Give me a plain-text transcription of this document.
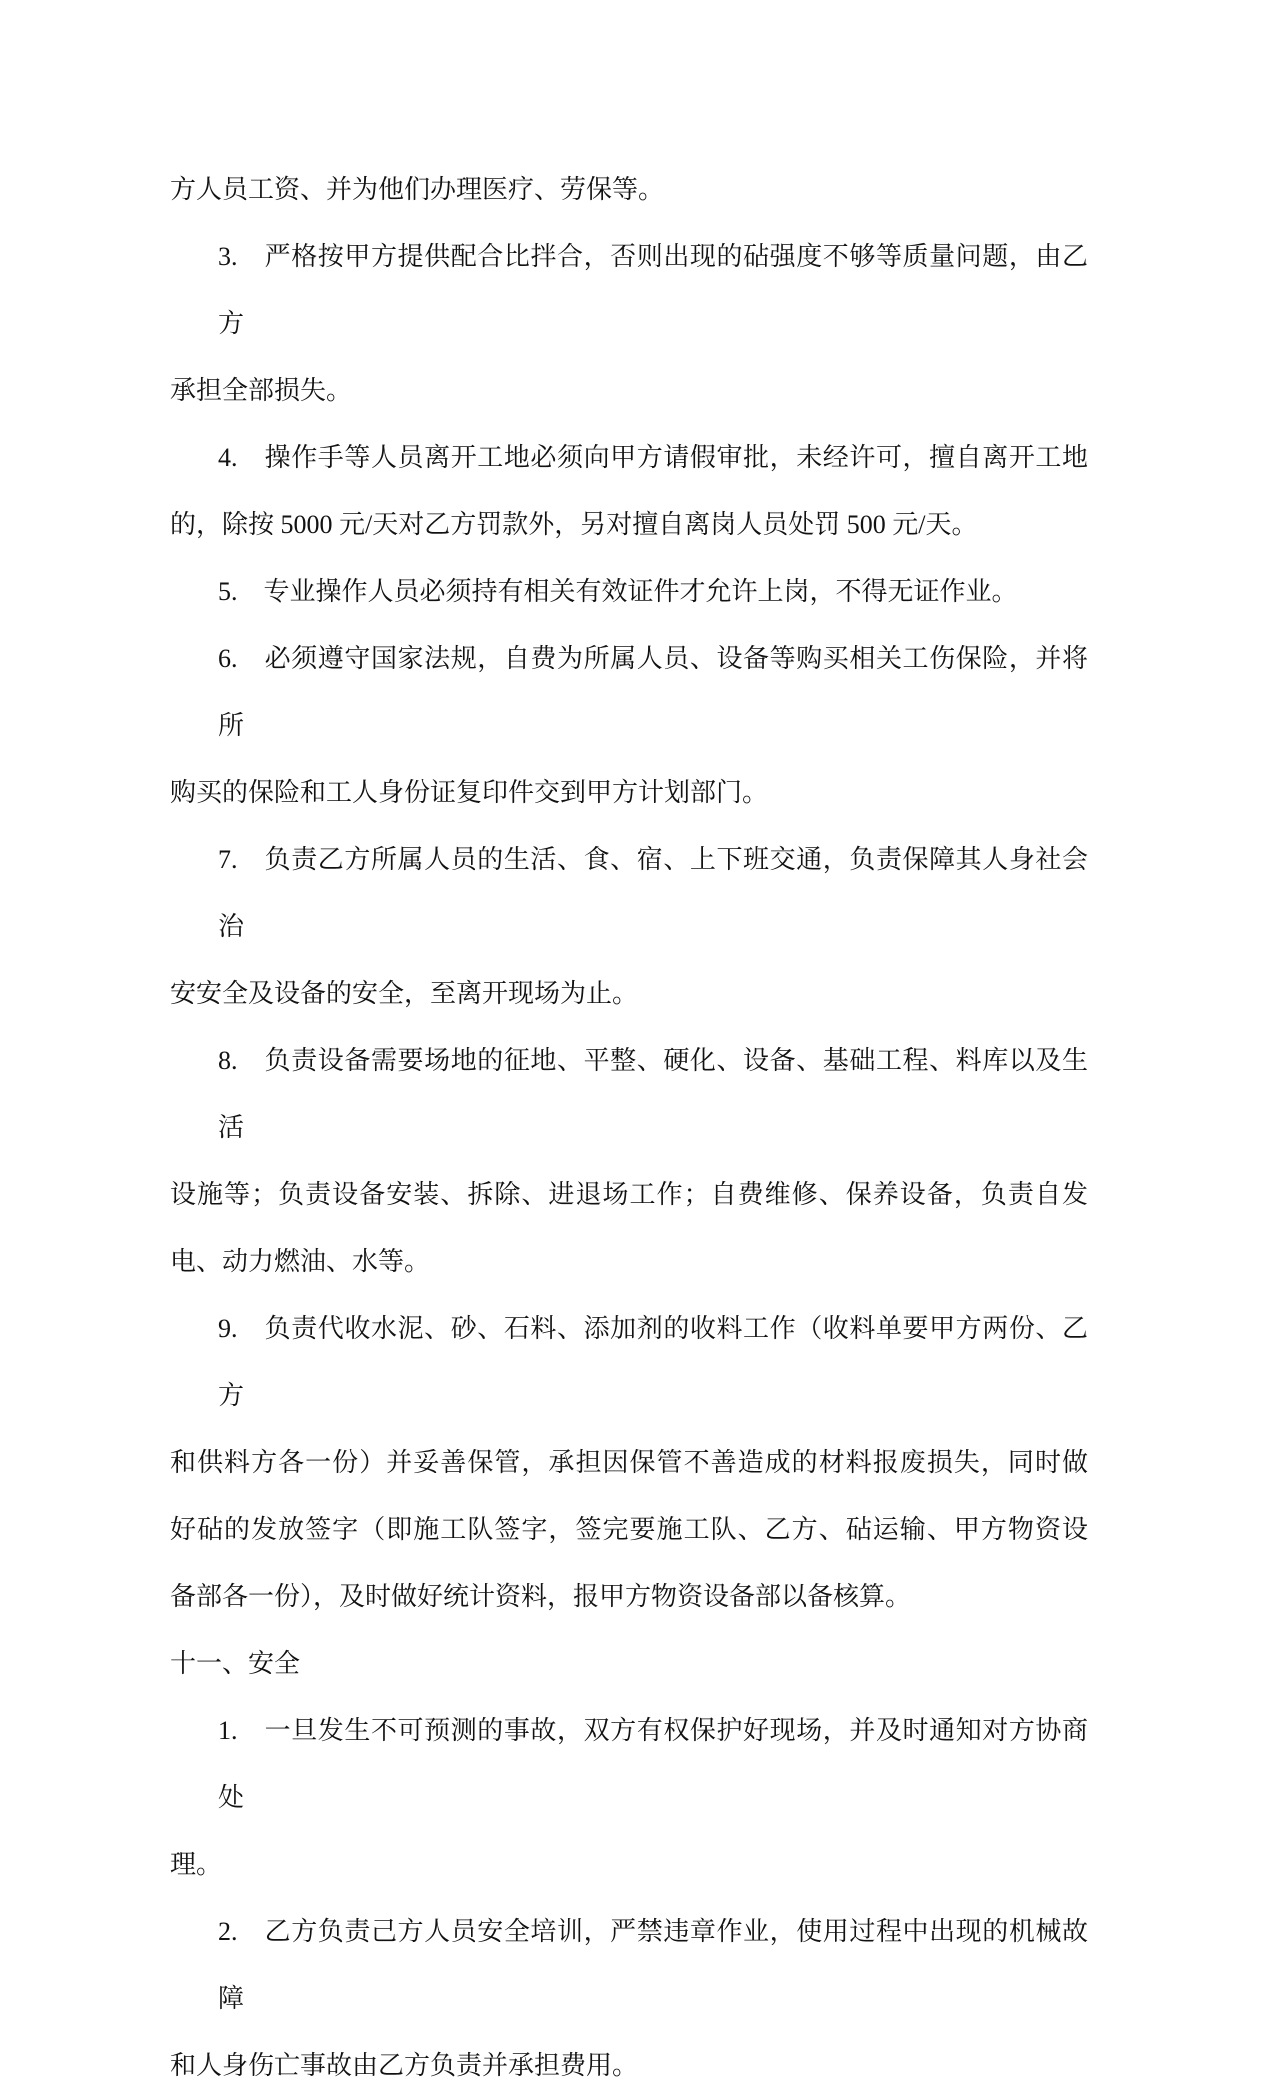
方人员工资、并为他们办理医疗、劳保等。
3.　严格按甲方提供配合比拌合，否则出现的砧强度不够等质量问题，由乙方
承担全部损失。
4.　操作手等人员离开工地必须向甲方请假审批，未经许可，擅自离开工地
的，除按 5000 元/天对乙方罚款外，另对擅自离岗人员处罚 500 元/天。
5.　专业操作人员必须持有相关有效证件才允许上岗，不得无证作业。
6.　必须遵守国家法规，自费为所属人员、设备等购买相关工伤保险，并将所
购买的保险和工人身份证复印件交到甲方计划部门。
7.　负责乙方所属人员的生活、食、宿、上下班交通，负责保障其人身社会治
安安全及设备的安全，至离开现场为止。
8.　负责设备需要场地的征地、平整、硬化、设备、基础工程、料库以及生活
设施等；负责设备安装、拆除、进退场工作；自费维修、保养设备，负责自发
电、动力燃油、水等。
9.　负责代收水泥、砂、石料、添加剂的收料工作（收料单要甲方两份、乙方
和供料方各一份）并妥善保管，承担因保管不善造成的材料报废损失，同时做
好砧的发放签字（即施工队签字，签完要施工队、乙方、砧运输、甲方物资设
备部各一份），及时做好统计资料，报甲方物资设备部以备核算。
十一、安全
1.　一旦发生不可预测的事故，双方有权保护好现场，并及时通知对方协商处
理。
2.　乙方负责己方人员安全培训，严禁违章作业，使用过程中出现的机械故障
和人身伤亡事故由乙方负责并承担费用。
